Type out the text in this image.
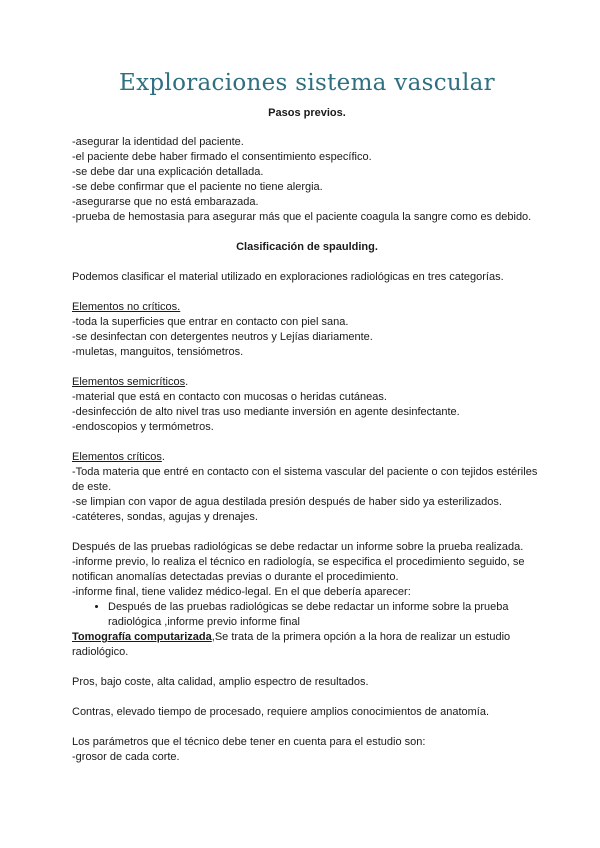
Exploraciones sistema vascular

Pasos previos.

-asegurar la identidad del paciente.

-el paciente debe haber firmado el consentimiento específico.

-se debe dar una explicación detallada.

-se debe confirmar que el paciente no tiene alergia.

-asegurarse que no está embarazada.

-prueba de hemostasia para asegurar más que el paciente coagula la sangre como es debido.

Clasificación de spaulding.

Podemos clasificar el material utilizado en exploraciones radiológicas en tres categorías.

Elementos no críticos.

-toda la superficies que entrar en contacto con piel sana.

-se desinfectan con detergentes neutros y Lejías diariamente.

-muletas, manguitos, tensiómetros.

Elementos semicríticos.

-material que está en contacto con mucosas o heridas cutáneas.

-desinfección de alto nivel tras uso mediante inversión en agente desinfectante.

-endoscopios y termómetros.

Elementos críticos.

-Toda materia que entré en contacto con el sistema vascular del paciente o con tejidos estériles de este.

-se limpian con vapor de agua destilada presión después de haber sido ya esterilizados.

-catéteres, sondas, agujas y drenajes.

Después de las pruebas radiológicas se debe redactar un informe sobre la prueba realizada.

-informe previo, lo realiza el técnico en radiología, se especifica el procedimiento seguido, se notifican anomalías detectadas previas o durante el procedimiento.

-informe final, tiene validez médico-legal. En el que debería aparecer:

• Después de las pruebas radiológicas se debe redactar un informe sobre la prueba radiológica ,informe previo informe final

Tomografía computarizada,Se trata de la primera opción a la hora de realizar un estudio radiológico.

Pros, bajo coste, alta calidad, amplio espectro de resultados.

Contras, elevado tiempo de procesado, requiere amplios conocimientos de anatomía.

Los parámetros que el técnico debe tener en cuenta para el estudio son:

-grosor de cada corte.
